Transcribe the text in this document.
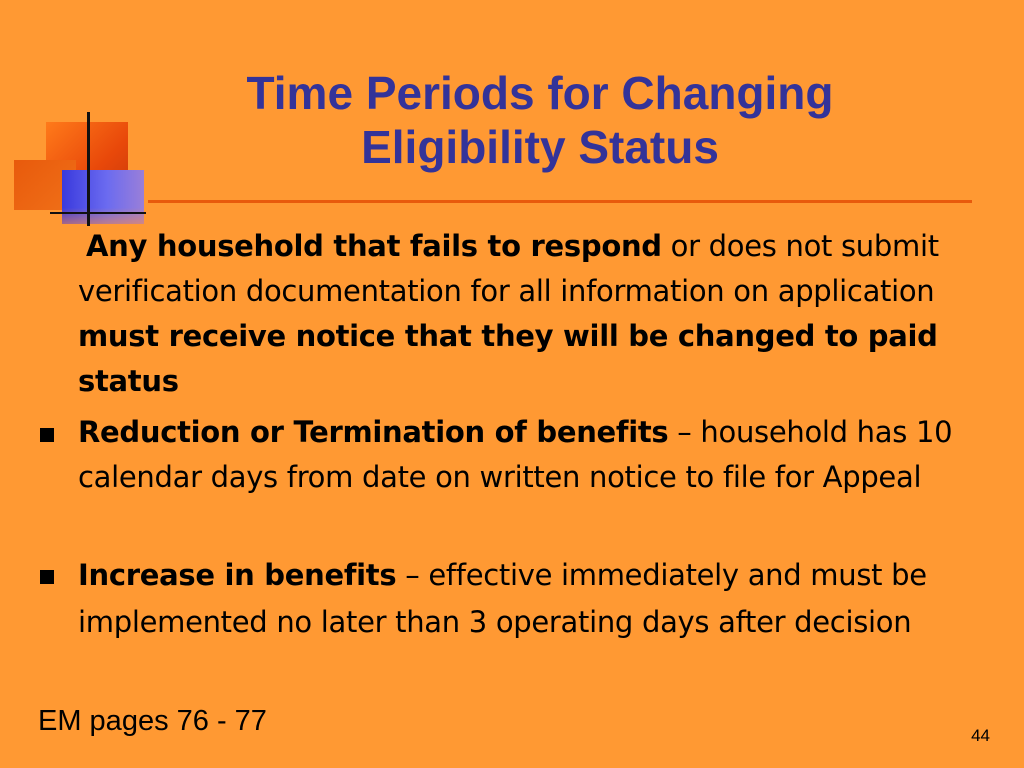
Time Periods for Changing
Eligibility Status
Any household that fails to respond or does not submit verification documentation for all information on application must receive notice that they will be changed to paid status
Reduction or Termination of benefits – household has 10 calendar days from date on written notice to file for Appeal
Increase in benefits – effective immediately and must be implemented no later than 3 operating days after decision
EM pages 76 - 77	44
